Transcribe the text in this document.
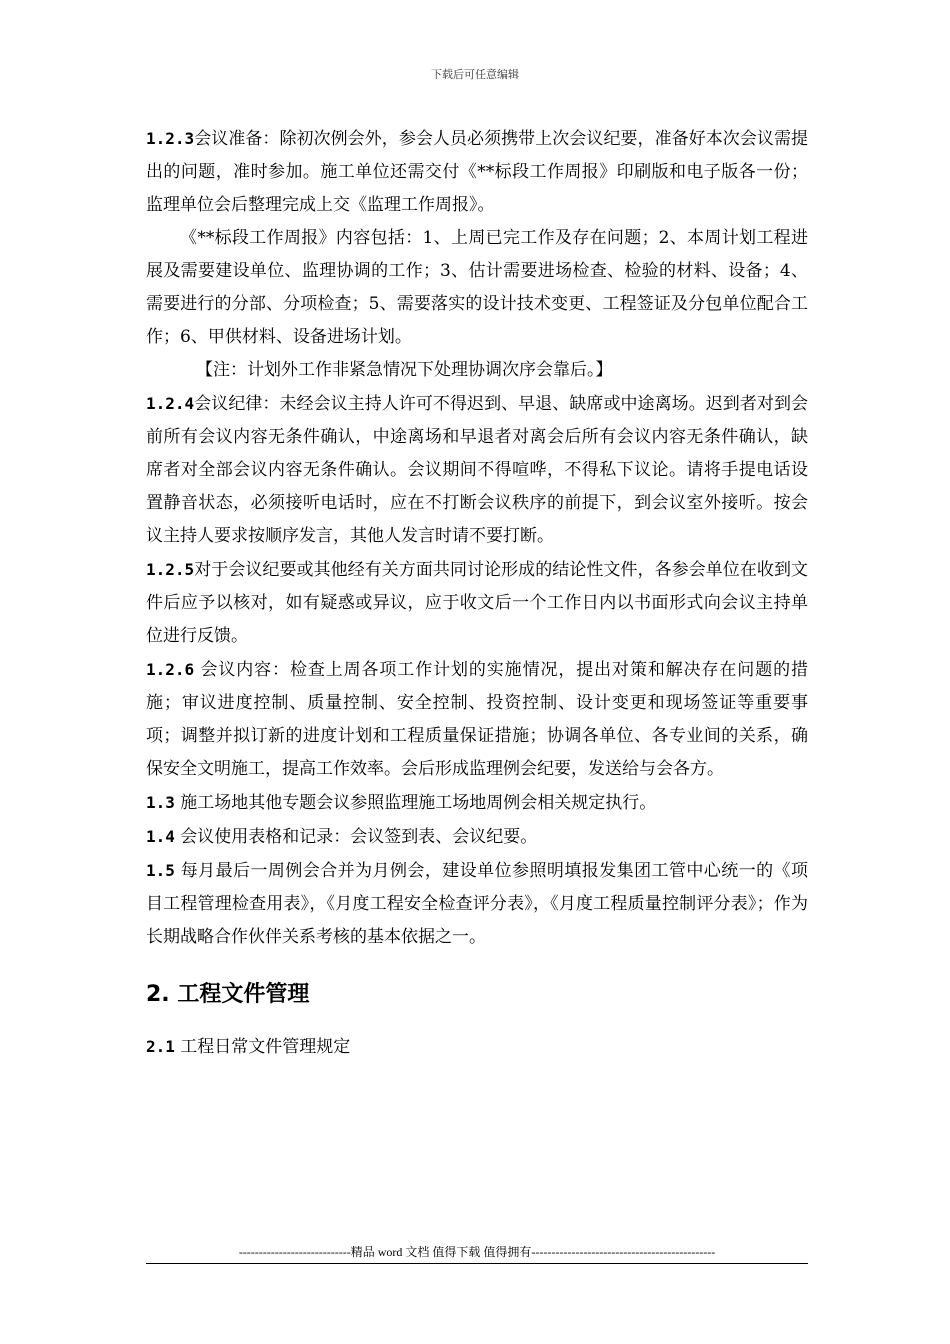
下载后可任意编辑

1.2.3会议准备：除初次例会外，参会人员必须携带上次会议纪要，准备好本次会议需提出的问题，准时参加。施工单位还需交付《**标段工作周报》印刷版和电子版各一份；监理单位会后整理完成上交《监理工作周报》。

《**标段工作周报》内容包括：1、上周已完工作及存在问题；2、本周计划工程进展及需要建设单位、监理协调的工作；3、估计需要进场检查、检验的材料、设备；4、需要进行的分部、分项检查；5、需要落实的设计技术变更、工程签证及分包单位配合工作；6、甲供材料、设备进场计划。

【注：计划外工作非紧急情况下处理协调次序会靠后。】

1.2.4会议纪律：未经会议主持人许可不得迟到、早退、缺席或中途离场。迟到者对到会前所有会议内容无条件确认，中途离场和早退者对离会后所有会议内容无条件确认，缺席者对全部会议内容无条件确认。会议期间不得喧哗，不得私下议论。请将手提电话设置静音状态，必须接听电话时，应在不打断会议秩序的前提下，到会议室外接听。按会议主持人要求按顺序发言，其他人发言时请不要打断。

1.2.5对于会议纪要或其他经有关方面共同讨论形成的结论性文件，各参会单位在收到文件后应予以核对，如有疑惑或异议，应于收文后一个工作日内以书面形式向会议主持单位进行反馈。

1.2.6 会议内容：检查上周各项工作计划的实施情况，提出对策和解决存在问题的措施；审议进度控制、质量控制、安全控制、投资控制、设计变更和现场签证等重要事项；调整并拟订新的进度计划和工程质量保证措施；协调各单位、各专业间的关系，确保安全文明施工，提高工作效率。会后形成监理例会纪要，发送给与会各方。

1.3 施工场地其他专题会议参照监理施工场地周例会相关规定执行。

1.4 会议使用表格和记录：会议签到表、会议纪要。

1.5 每月最后一周例会合并为月例会，建设单位参照明填报发集团工管中心统一的《项目工程管理检查用表》，《月度工程安全检查评分表》，《月度工程质量控制评分表》；作为长期战略合作伙伴关系考核的基本依据之一。

2. 工程文件管理

2.1 工程日常文件管理规定

----------------------------精品 word 文档 值得下载 值得拥有----------------------------------------------
